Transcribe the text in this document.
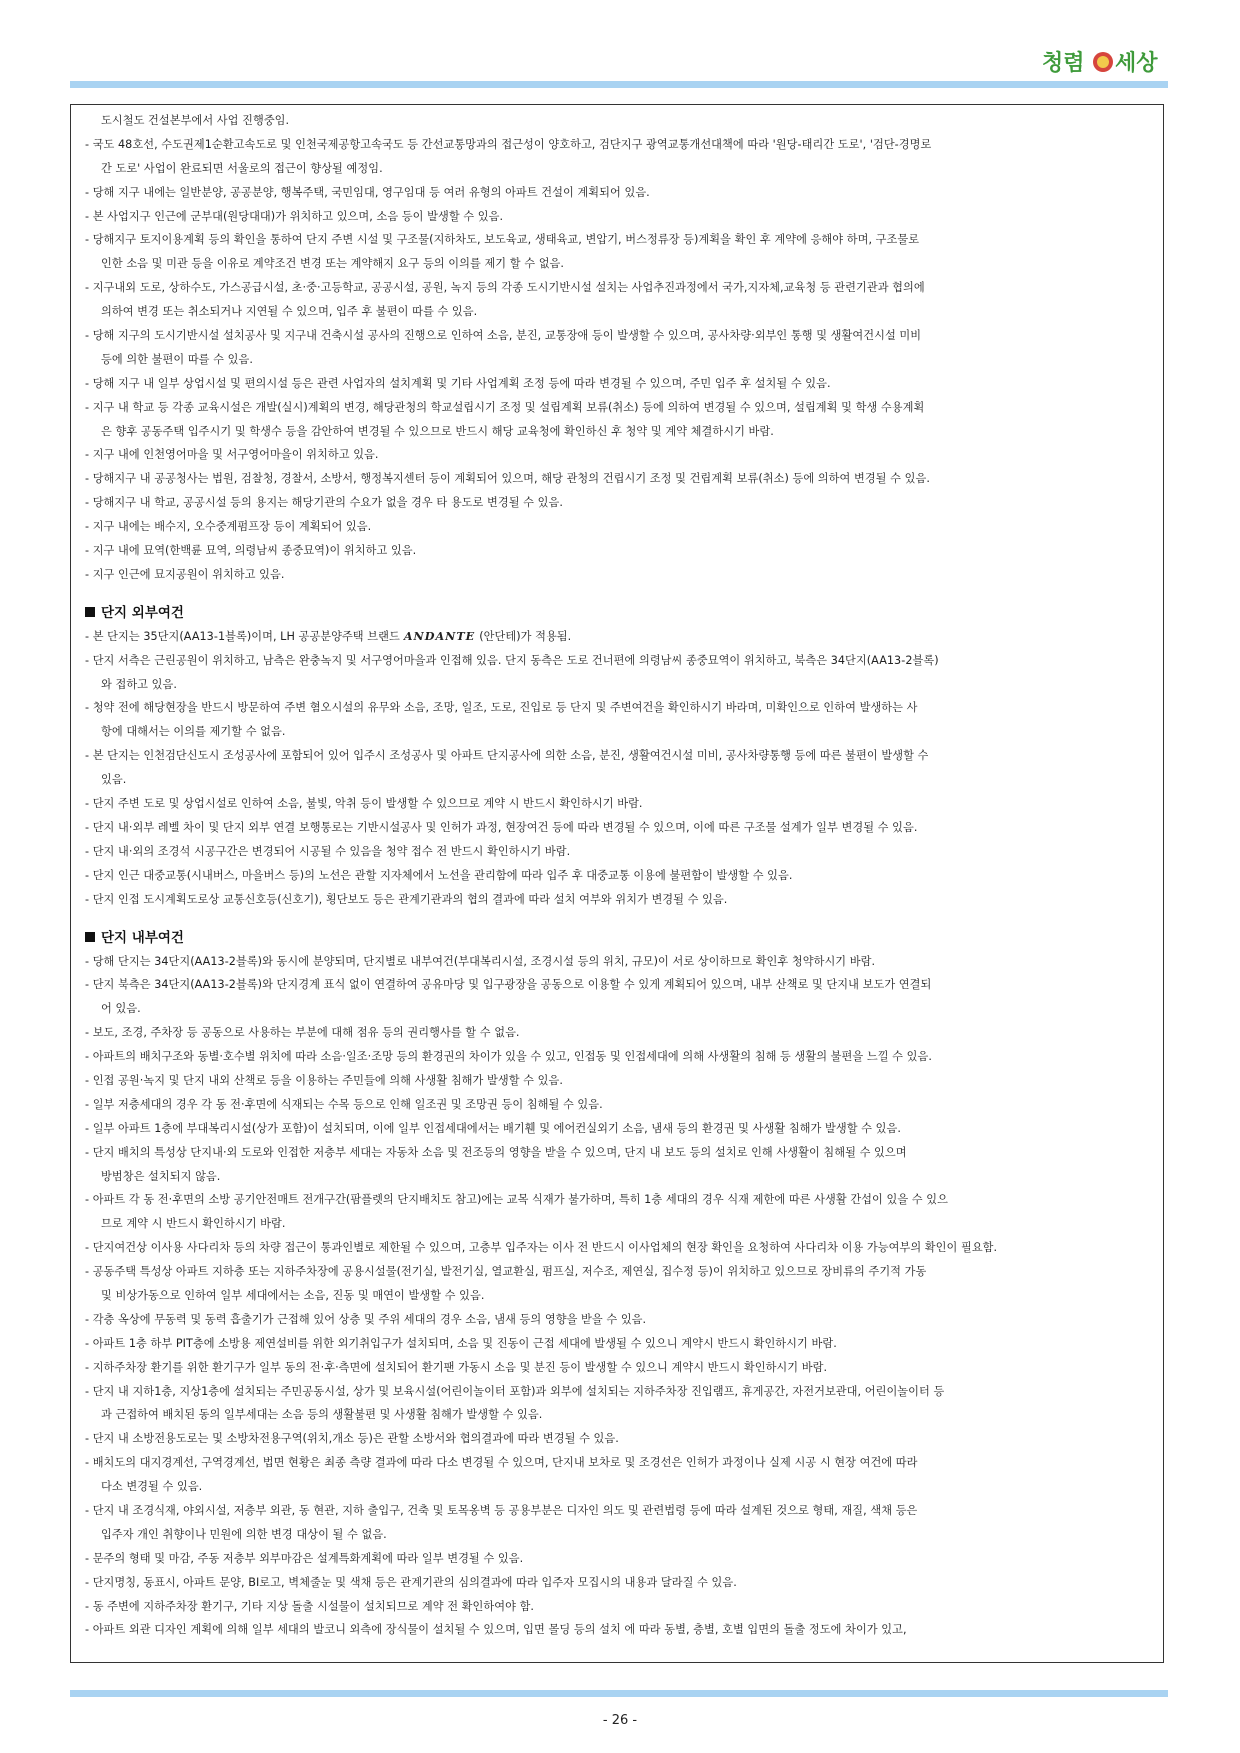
청렴 세상
도시철도 건설본부에서 사업 진행중임.
- 국도 48호선, 수도권제1순환고속도로 및 인천국제공항고속국도 등 간선교통망과의 접근성이 양호하고, 검단지구 광역교통개선대책에 따라 '원당-태리간 도로', '검단-경명로
간 도로' 사업이 완료되면 서울로의 접근이 향상될 예정임.
- 당해 지구 내에는 일반분양, 공공분양, 행복주택, 국민임대, 영구임대 등 여러 유형의 아파트 건설이 계획되어 있음.
- 본 사업지구 인근에 군부대(원당대대)가 위치하고 있으며, 소음 등이 발생할 수 있음.
- 당해지구 토지이용계획 등의 확인을 통하여 단지 주변 시설 및 구조물(지하차도, 보도육교, 생태육교, 변압기, 버스정류장 등)계획을 확인 후 계약에 응해야 하며, 구조물로
인한 소음 및 미관 등을 이유로 계약조건 변경 또는 계약해지 요구 등의 이의를 제기 할 수 없음.
- 지구내외 도로, 상하수도, 가스공급시설, 초·중·고등학교, 공공시설, 공원, 녹지 등의 각종 도시기반시설 설치는 사업추진과정에서 국가,지자체,교육청 등 관련기관과 협의에
의하여 변경 또는 취소되거나 지연될 수 있으며, 입주 후 불편이 따를 수 있음.
- 당해 지구의 도시기반시설 설치공사 및 지구내 건축시설 공사의 진행으로 인하여 소음, 분진, 교통장애 등이 발생할 수 있으며, 공사차량·외부인 통행 및 생활여건시설 미비
등에 의한 불편이 따를 수 있음.
- 당해 지구 내 일부 상업시설 및 편의시설 등은 관련 사업자의 설치계획 및 기타 사업계획 조정 등에 따라 변경될 수 있으며, 주민 입주 후 설치될 수 있음.
- 지구 내 학교 등 각종 교육시설은 개발(실시)계획의 변경, 해당관청의 학교설립시기 조정 및 설립계획 보류(취소) 등에 의하여 변경될 수 있으며, 설립계획 및 학생 수용계획
은 향후 공동주택 입주시기 및 학생수 등을 감안하여 변경될 수 있으므로 반드시 해당 교육청에 확인하신 후 청약 및 계약 체결하시기 바람.
- 지구 내에 인천영어마을 및 서구영어마을이 위치하고 있음.
- 당해지구 내 공공청사는 법원, 검찰청, 경찰서, 소방서, 행정복지센터 등이 계획되어 있으며, 해당 관청의 건립시기 조정 및 건립계획 보류(취소) 등에 의하여 변경될 수 있음.
- 당해지구 내 학교, 공공시설 등의 용지는 해당기관의 수요가 없을 경우 타 용도로 변경될 수 있음.
- 지구 내에는 배수지, 오수중계펌프장 등이 계획되어 있음.
- 지구 내에 묘역(한백륜 묘역, 의령남씨 종중묘역)이 위치하고 있음.
- 지구 인근에 묘지공원이 위치하고 있음.
단지 외부여건
- 본 단지는 35단지(AA13-1블록)이며, LH 공공분양주택 브랜드 ANDANTE (안단테)가 적용됨.
- 단지 서측은 근린공원이 위치하고, 남측은 완충녹지 및 서구영어마을과 인접해 있음. 단지 동측은 도로 건너편에 의령남씨 종중묘역이 위치하고, 북측은 34단지(AA13-2블록)
와 접하고 있음.
- 청약 전에 해당현장을 반드시 방문하여 주변 혐오시설의 유무와 소음, 조망, 일조, 도로, 진입로 등 단지 및 주변여건을 확인하시기 바라며, 미확인으로 인하여 발생하는 사
항에 대해서는 이의를 제기할 수 없음.
- 본 단지는 인천검단신도시 조성공사에 포함되어 있어 입주시 조성공사 및 아파트 단지공사에 의한 소음, 분진, 생활여건시설 미비, 공사차량통행 등에 따른 불편이 발생할 수
있음.
- 단지 주변 도로 및 상업시설로 인하여 소음, 불빛, 악취 등이 발생할 수 있으므로 계약 시 반드시 확인하시기 바람.
- 단지 내·외부 레벨 차이 및 단지 외부 연결 보행통로는 기반시설공사 및 인허가 과정, 현장여건 등에 따라 변경될 수 있으며, 이에 따른 구조물 설계가 일부 변경될 수 있음.
- 단지 내·외의 조경석 시공구간은 변경되어 시공될 수 있음을 청약 접수 전 반드시 확인하시기 바람.
- 단지 인근 대중교통(시내버스, 마을버스 등)의 노선은 관할 지자체에서 노선을 관리함에 따라 입주 후 대중교통 이용에 불편함이 발생할 수 있음.
- 단지 인접 도시계획도로상 교통신호등(신호기), 횡단보도 등은 관계기관과의 협의 결과에 따라 설치 여부와 위치가 변경될 수 있음.
단지 내부여건
- 당해 단지는 34단지(AA13-2블록)와 동시에 분양되며, 단지별로 내부여건(부대복리시설, 조경시설 등의 위치, 규모)이 서로 상이하므로 확인후 청약하시기 바람.
- 단지 북측은 34단지(AA13-2블록)와 단지경계 표식 없이 연결하여 공유마당 및 입구광장을 공동으로 이용할 수 있게 계획되어 있으며, 내부 산책로 및 단지내 보도가 연결되
어 있음.
- 보도, 조경, 주차장 등 공동으로 사용하는 부분에 대해 점유 등의 권리행사를 할 수 없음.
- 아파트의 배치구조와 동별·호수별 위치에 따라 소음·일조·조망 등의 환경권의 차이가 있을 수 있고, 인접동 및 인접세대에 의해 사생활의 침해 등 생활의 불편을 느낄 수 있음.
- 인접 공원·녹지 및 단지 내외 산책로 등을 이용하는 주민들에 의해 사생활 침해가 발생할 수 있음.
- 일부 저층세대의 경우 각 동 전·후면에 식재되는 수목 등으로 인해 일조권 및 조망권 등이 침해될 수 있음.
- 일부 아파트 1층에 부대복리시설(상가 포함)이 설치되며, 이에 일부 인접세대에서는 배기휀 및 에어컨실외기 소음, 냄새 등의 환경권 및 사생활 침해가 발생할 수 있음.
- 단지 배치의 특성상 단지내·외 도로와 인접한 저층부 세대는 자동차 소음 및 전조등의 영향을 받을 수 있으며, 단지 내 보도 등의 설치로 인해 사생활이 침해될 수 있으며
방범창은 설치되지 않음.
- 아파트 각 동 전·후면의 소방 공기안전매트 전개구간(팜플렛의 단지배치도 참고)에는 교목 식재가 불가하며, 특히 1층 세대의 경우 식재 제한에 따른 사생활 간섭이 있을 수 있으
므로 계약 시 반드시 확인하시기 바람.
- 단지여건상 이사용 사다리차 등의 차량 접근이 통과인별로 제한될 수 있으며, 고층부 입주자는 이사 전 반드시 이사업체의 현장 확인을 요청하여 사다리차 이용 가능여부의 확인이 필요함.
- 공동주택 특성상 아파트 지하층 또는 지하주차장에 공용시설물(전기실, 발전기실, 열교환실, 펌프실, 저수조, 제연실, 집수정 등)이 위치하고 있으므로 장비류의 주기적 가동
및 비상가동으로 인하여 일부 세대에서는 소음, 진동 및 매연이 발생할 수 있음.
- 각층 옥상에 무동력 및 동력 흡출기가 근접해 있어 상층 및 주위 세대의 경우 소음, 냄새 등의 영향을 받을 수 있음.
- 아파트 1층 하부 PIT층에 소방용 제연설비를 위한 외기취입구가 설치되며, 소음 및 진동이 근접 세대에 발생될 수 있으니 계약시 반드시 확인하시기 바람.
- 지하주차장 환기를 위한 환기구가 일부 동의 전·후·측면에 설치되어 환기팬 가동시 소음 및 분진 등이 발생할 수 있으니 계약시 반드시 확인하시기 바람.
- 단지 내 지하1층, 지상1층에 설치되는 주민공동시설, 상가 및 보육시설(어린이놀이터 포함)과 외부에 설치되는 지하주차장 진입램프, 휴게공간, 자전거보관대, 어린이놀이터 등
과 근접하여 배치된 동의 일부세대는 소음 등의 생활불편 및 사생활 침해가 발생할 수 있음.
- 단지 내 소방전용도로는 및 소방차전용구역(위치,개소 등)은 관할 소방서와 협의결과에 따라 변경될 수 있음.
- 배치도의 대지경계선, 구역경계선, 법면 현황은 최종 측량 결과에 따라 다소 변경될 수 있으며, 단지내 보차로 및 조경선은 인허가 과정이나 실제 시공 시 현장 여건에 따라
다소 변경될 수 있음.
- 단지 내 조경식재, 야외시설, 저층부 외관, 동 현관, 지하 출입구, 건축 및 토목옹벽 등 공용부분은 디자인 의도 및 관련법령 등에 따라 설계된 것으로 형태, 재질, 색채 등은
입주자 개인 취향이나 민원에 의한 변경 대상이 될 수 없음.
- 문주의 형태 및 마감, 주동 저층부 외부마감은 설계특화계획에 따라 일부 변경될 수 있음.
- 단지명칭, 동표시, 아파트 문양, BI로고, 벽체줄눈 및 색채 등은 관계기관의 심의결과에 따라 입주자 모집시의 내용과 달라질 수 있음.
- 동 주변에 지하주차장 환기구, 기타 지상 돌출 시설물이 설치되므로 계약 전 확인하여야 함.
- 아파트 외관 디자인 계획에 의해 일부 세대의 발코니 외측에 장식물이 설치될 수 있으며, 입면 몰딩 등의 설치 에 따라 동별, 층별, 호별 입면의 돌출 정도에 차이가 있고,
- 26 -
